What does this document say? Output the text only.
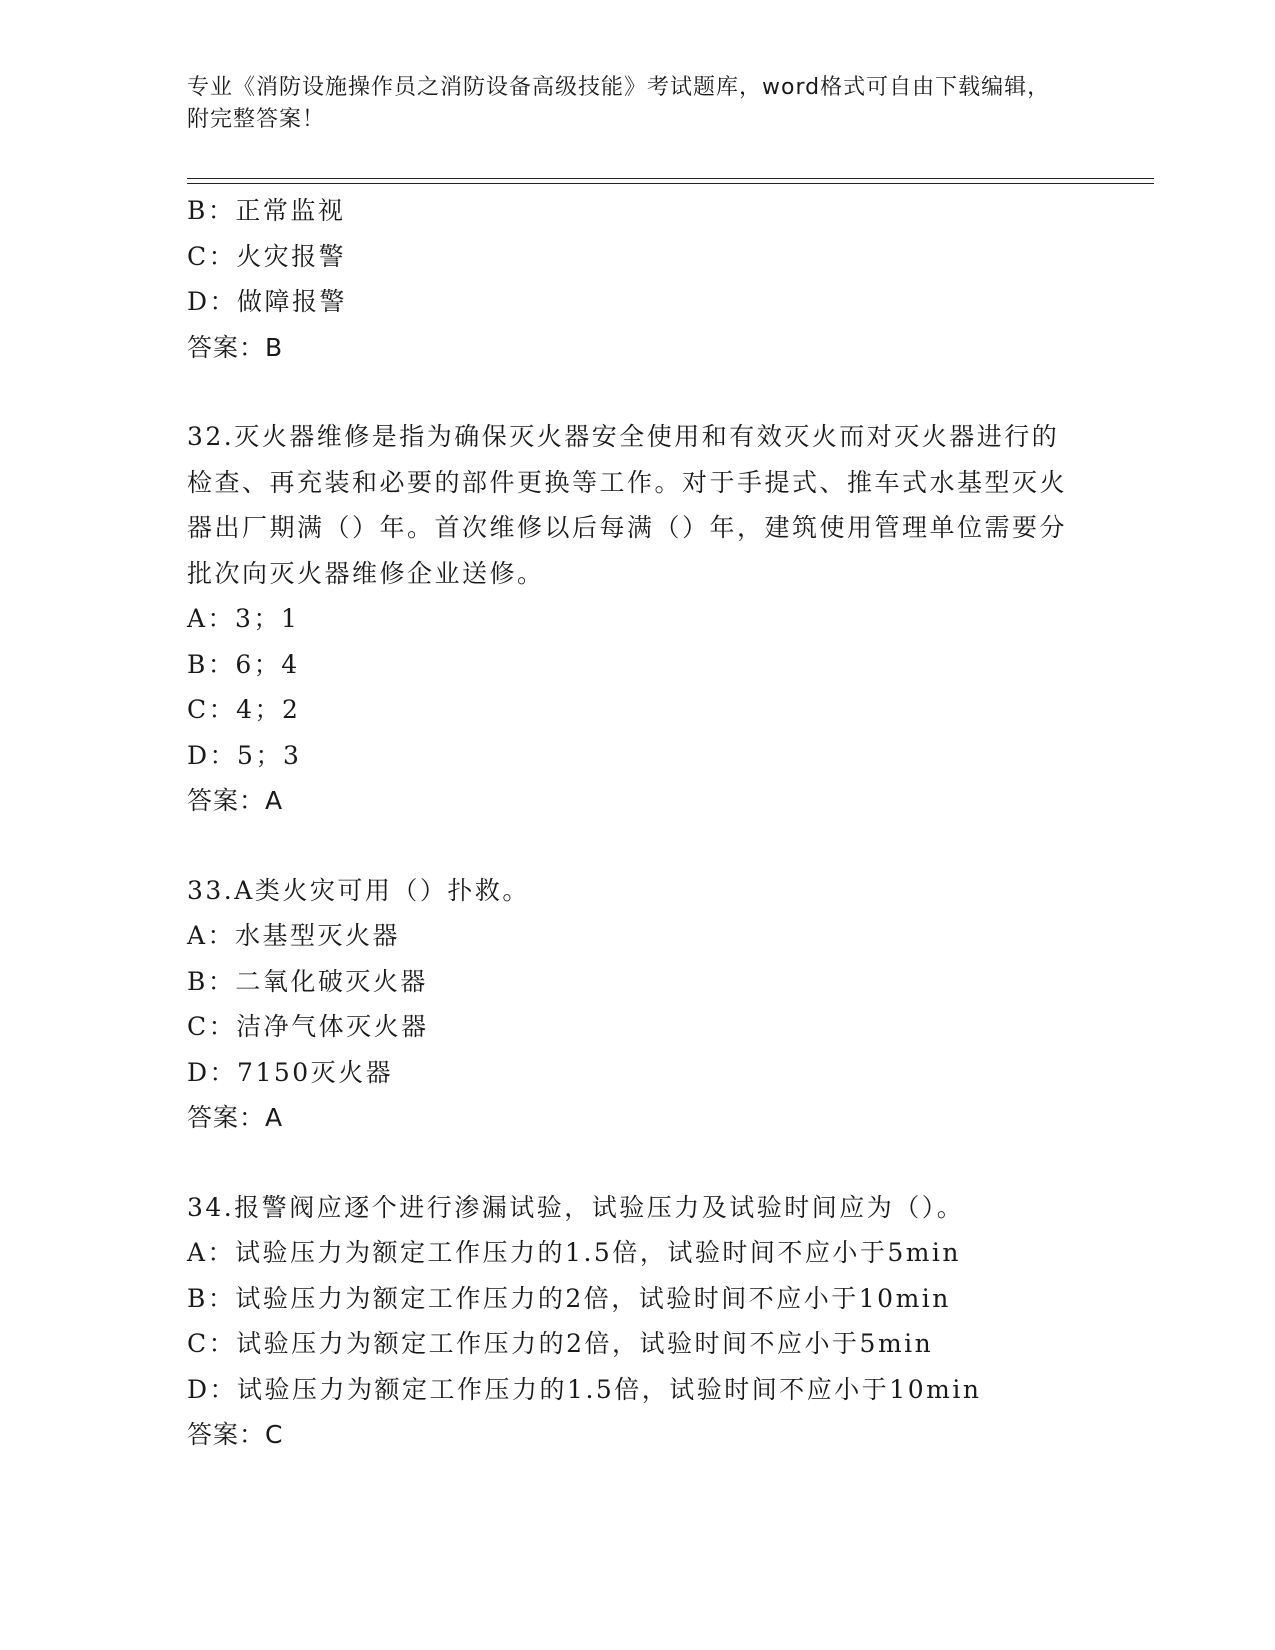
专业《消防设施操作员之消防设备高级技能》考试题库，word格式可自由下载编辑，附完整答案！
B：正常监视
C：火灾报警
D：做障报警
答案：B
32.灭火器维修是指为确保灭火器安全使用和有效灭火而对灭火器进行的检查、再充装和必要的部件更换等工作。对于手提式、推车式水基型灭火器出厂期满（）年。首次维修以后每满（）年，建筑使用管理单位需要分批次向灭火器维修企业送修。
A：3；1
B：6；4
C：4；2
D：5；3
答案：A
33.A类火灾可用（）扑救。
A：水基型灭火器
B：二氧化破灭火器
C：洁净气体灭火器
D：7150灭火器
答案：A
34.报警阀应逐个进行渗漏试验，试验压力及试验时间应为（）。
A：试验压力为额定工作压力的1.5倍，试验时间不应小于5min
B：试验压力为额定工作压力的2倍，试验时间不应小于10min
C：试验压力为额定工作压力的2倍，试验时间不应小于5min
D：试验压力为额定工作压力的1.5倍，试验时间不应小于10min
答案：C
